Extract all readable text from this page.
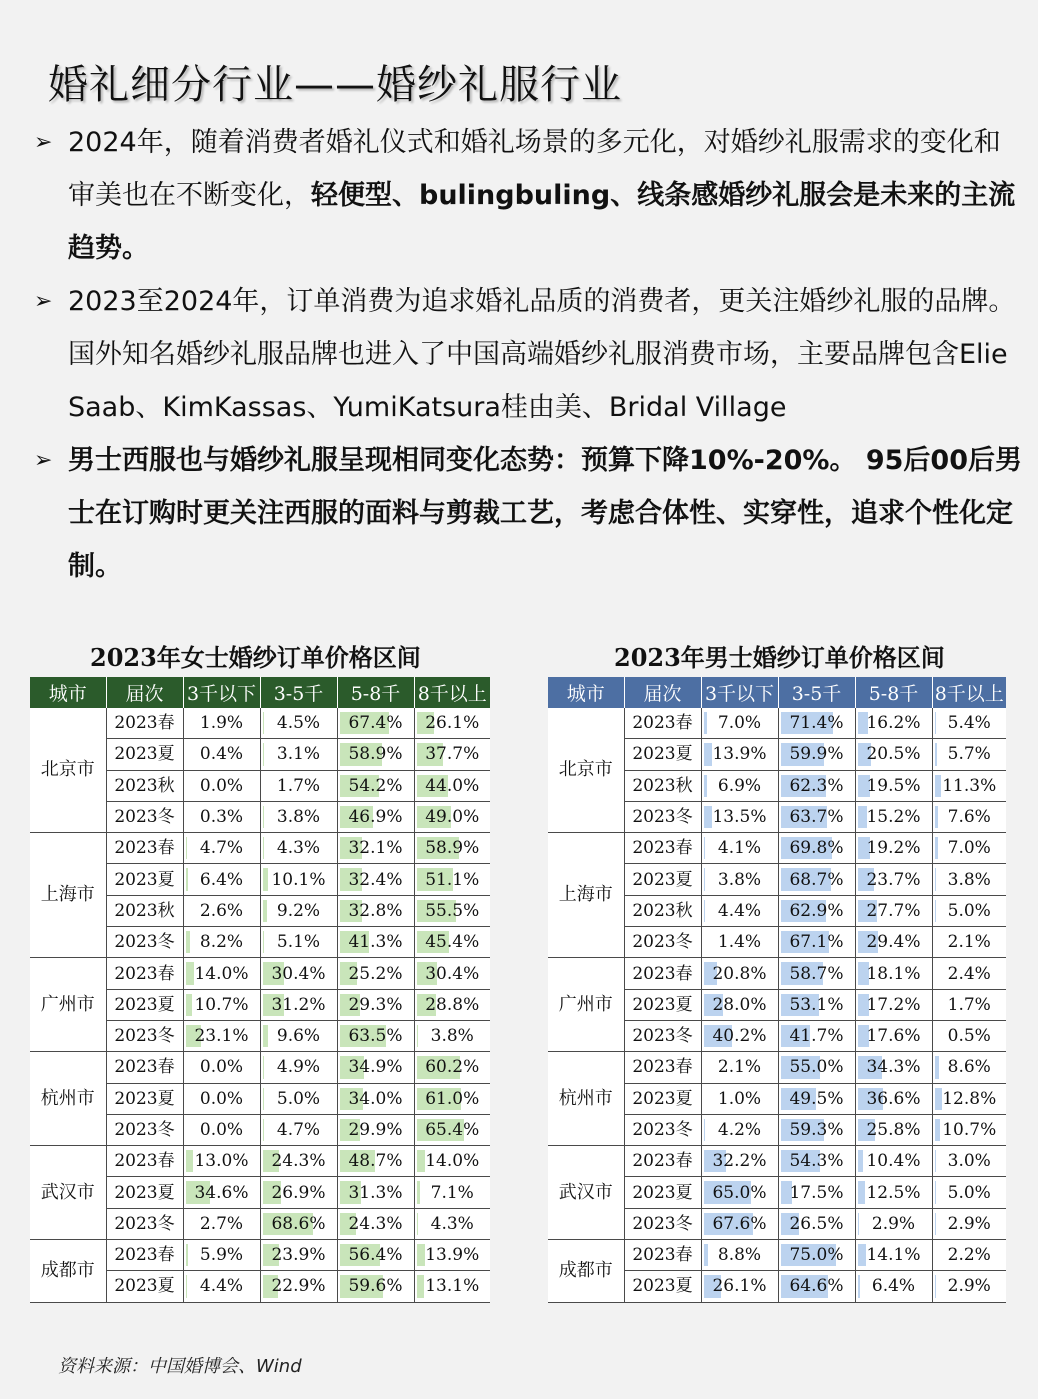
婚礼细分行业——婚纱礼服行业
➢ 2024年，随着消费者婚礼仪式和婚礼场景的多元化，对婚纱礼服需求的变化和审美也在不断变化，轻便型、bulingbuling、线条感婚纱礼服会是未来的主流趋势。
➢ 2023至2024年，订单消费为追求婚礼品质的消费者，更关注婚纱礼服的品牌。国外知名婚纱礼服品牌也进入了中国高端婚纱礼服消费市场，主要品牌包含Elie Saab、KimKassas、YumiKatsura桂由美、Bridal Village
➢ 男士西服也与婚纱礼服呈现相同变化态势：预算下降10%-20%。 95后00后男士在订购时更关注西服的面料与剪裁工艺，考虑合体性、实穿性，追求个性化定制。
2023年女士婚纱订单价格区间	2023年男士婚纱订单价格区间
城市	届次	3千以下	3-5千	5-8千	8千以上
北京市	2023春	1.9%	4.5%	67.4%	26.1%
	2023夏	0.4%	3.1%	58.9%	37.7%
	2023秋	0.0%	1.7%	54.2%	44.0%
	2023冬	0.3%	3.8%	46.9%	49.0%
上海市	2023春	4.7%	4.3%	32.1%	58.9%
	2023夏	6.4%	10.1%	32.4%	51.1%
	2023秋	2.6%	9.2%	32.8%	55.5%
	2023冬	8.2%	5.1%	41.3%	45.4%
广州市	2023春	14.0%	30.4%	25.2%	30.4%
	2023夏	10.7%	31.2%	29.3%	28.8%
	2023冬	23.1%	9.6%	63.5%	3.8%
杭州市	2023春	0.0%	4.9%	34.9%	60.2%
	2023夏	0.0%	5.0%	34.0%	61.0%
	2023冬	0.0%	4.7%	29.9%	65.4%
武汉市	2023春	13.0%	24.3%	48.7%	14.0%
	2023夏	34.6%	26.9%	31.3%	7.1%
	2023冬	2.7%	68.6%	24.3%	4.3%
成都市	2023春	5.9%	23.9%	56.4%	13.9%
	2023夏	4.4%	22.9%	59.6%	13.1%
城市	届次	3千以下	3-5千	5-8千	8千以上
北京市	2023春	7.0%	71.4%	16.2%	5.4%
	2023夏	13.9%	59.9%	20.5%	5.7%
	2023秋	6.9%	62.3%	19.5%	11.3%
	2023冬	13.5%	63.7%	15.2%	7.6%
上海市	2023春	4.1%	69.8%	19.2%	7.0%
	2023夏	3.8%	68.7%	23.7%	3.8%
	2023秋	4.4%	62.9%	27.7%	5.0%
	2023冬	1.4%	67.1%	29.4%	2.1%
广州市	2023春	20.8%	58.7%	18.1%	2.4%
	2023夏	28.0%	53.1%	17.2%	1.7%
	2023冬	40.2%	41.7%	17.6%	0.5%
杭州市	2023春	2.1%	55.0%	34.3%	8.6%
	2023夏	1.0%	49.5%	36.6%	12.8%
	2023冬	4.2%	59.3%	25.8%	10.7%
武汉市	2023春	32.2%	54.3%	10.4%	3.0%
	2023夏	65.0%	17.5%	12.5%	5.0%
	2023冬	67.6%	26.5%	2.9%	2.9%
成都市	2023春	8.8%	75.0%	14.1%	2.2%
	2023夏	26.1%	64.6%	6.4%	2.9%
资料来源：中国婚博会、Wind
